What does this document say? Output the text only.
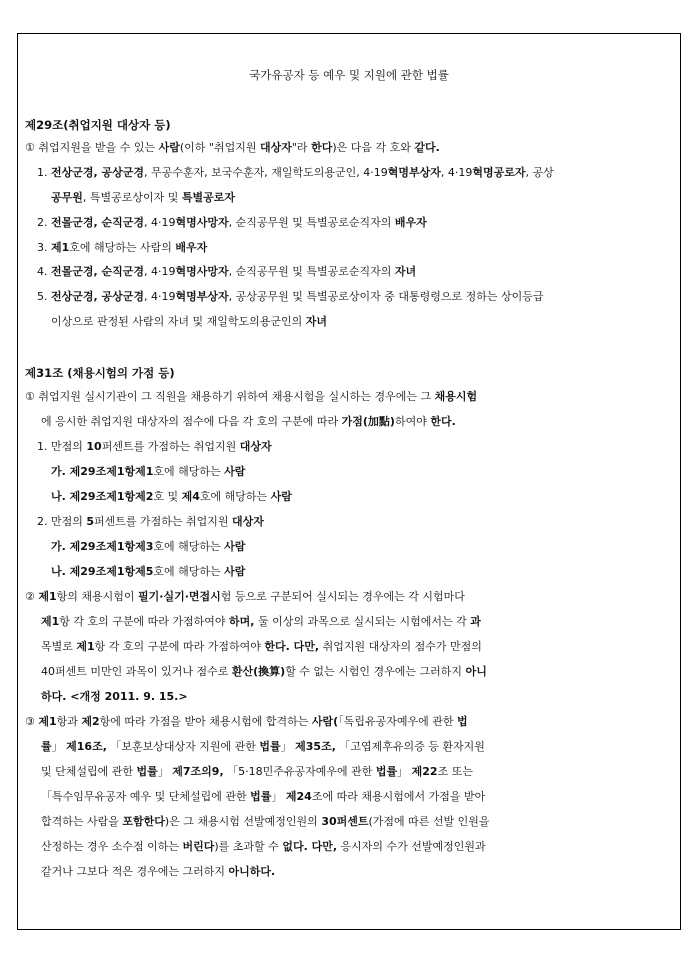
국가유공자 등 예우 및 지원에 관한 법률
제29조(취업지원 대상자 등)
① 취업지원을 받을 수 있는 사람(이하 "취업지원 대상자"라 한다)은 다음 각 호와 같다.
1. 전상군경, 공상군경, 무공수훈자, 보국수훈자, 재일학도의용군인, 4·19혁명부상자, 4·19혁명공로자, 공상
공무원, 특별공로상이자 및 특별공로자
2. 전몰군경, 순직군경, 4·19혁명사망자, 순직공무원 및 특별공로순직자의 배우자
3. 제1호에 해당하는 사람의 배우자
4. 전몰군경, 순직군경, 4·19혁명사망자, 순직공무원 및 특별공로순직자의 자녀
5. 전상군경, 공상군경, 4·19혁명부상자, 공상공무원 및 특별공로상이자 중 대통령령으로 정하는 상이등급
이상으로 판정된 사람의 자녀 및 재일학도의용군인의 자녀
제31조 (채용시험의 가점 등)
① 취업지원 실시기관이 그 직원을 채용하기 위하여 채용시험을 실시하는 경우에는 그 채용시험
에 응시한 취업지원 대상자의 점수에 다음 각 호의 구분에 따라 가점(加點)하여야 한다.
1. 만점의 10퍼센트를 가점하는 취업지원 대상자
가. 제29조제1항제1호에 해당하는 사람
나. 제29조제1항제2호 및 제4호에 해당하는 사람
2. 만점의 5퍼센트를 가점하는 취업지원 대상자
가. 제29조제1항제3호에 해당하는 사람
나. 제29조제1항제5호에 해당하는 사람
② 제1항의 채용시험이 필기·실기·면접시험 등으로 구분되어 실시되는 경우에는 각 시험마다
제1항 각 호의 구분에 따라 가점하여야 하며, 둘 이상의 과목으로 실시되는 시험에서는 각 과
목별로 제1항 각 호의 구분에 따라 가점하여야 한다. 다만, 취업지원 대상자의 점수가 만점의
40퍼센트 미만인 과목이 있거나 점수로 환산(換算)할 수 없는 시험인 경우에는 그러하지 아니
하다. <개정 2011. 9. 15.>
③ 제1항과 제2항에 따라 가점을 받아 채용시험에 합격하는 사람(「독립유공자예우에 관한 법
률」 제16조, 「보훈보상대상자 지원에 관한 법률」 제35조, 「고엽제후유의증 등 환자지원
및 단체설립에 관한 법률」 제7조의9, 「5·18민주유공자예우에 관한 법률」 제22조 또는
「특수임무유공자 예우 및 단체설립에 관한 법률」 제24조에 따라 채용시험에서 가점을 받아
합격하는 사람을 포함한다)은 그 채용시험 선발예정인원의 30퍼센트(가점에 따른 선발 인원을
산정하는 경우 소수점 이하는 버린다)를 초과할 수 없다. 다만, 응시자의 수가 선발예정인원과
같거나 그보다 적은 경우에는 그러하지 아니하다.
